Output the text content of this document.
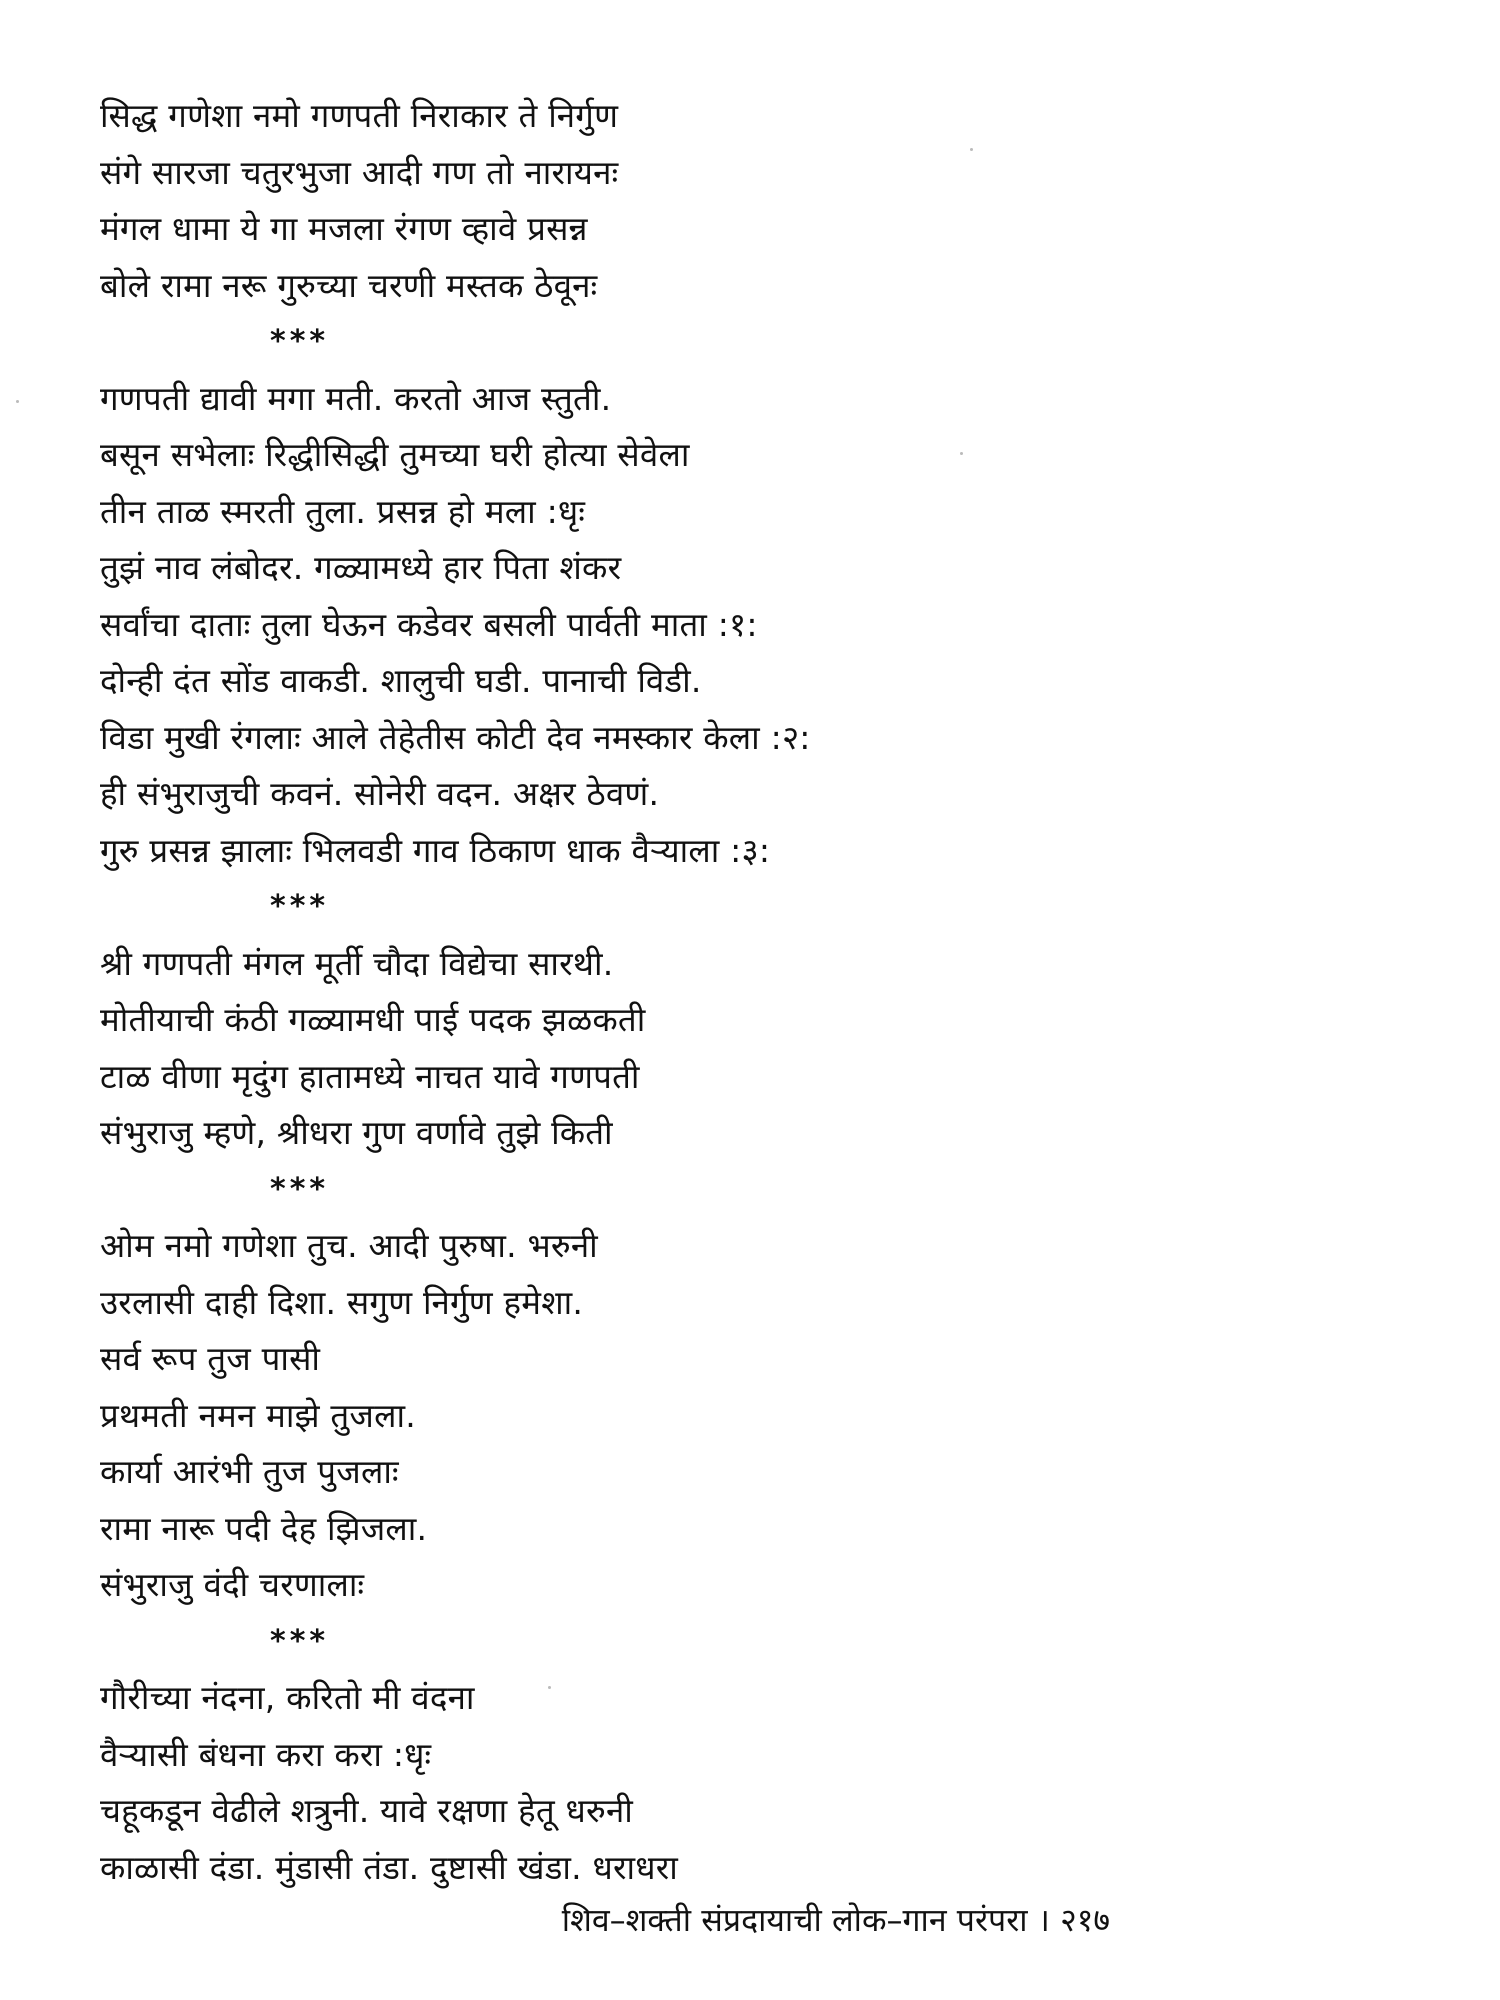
सिद्ध गणेशा नमो गणपती निराकार ते निर्गुण
संगे सारजा चतुरभुजा आदी गण तो नारायनः
मंगल धामा ये गा मजला रंगण व्हावे प्रसन्न
बोले रामा नरू गुरुच्या चरणी मस्तक ठेवूनः
***
गणपती द्यावी मगा मती. करतो आज स्तुती.
बसून सभेलाः रिद्धीसिद्धी तुमच्या घरी होत्या सेवेला
तीन ताळ स्मरती तुला. प्रसन्न हो मला :धृः
तुझं नाव लंबोदर. गळ्यामध्ये हार पिता शंकर
सर्वांचा दाताः तुला घेऊन कडेवर बसली पार्वती माता :१:
दोन्ही दंत सोंड वाकडी. शालुची घडी. पानाची विडी.
विडा मुखी रंगलाः आले तेहेतीस कोटी देव नमस्कार केला :२:
ही संभुराजुची कवनं. सोनेरी वदन. अक्षर ठेवणं.
गुरु प्रसन्न झालाः भिलवडी गाव ठिकाण धाक वैऱ्याला :३:
***
श्री गणपती मंगल मूर्ती चौदा विद्येचा सारथी.
मोतीयाची कंठी गळ्यामधी पाई पदक झळकती
टाळ वीणा मृदुंग हातामध्ये नाचत यावे गणपती
संभुराजु म्हणे, श्रीधरा गुण वर्णावे तुझे किती
***
ओम नमो गणेशा तुच. आदी पुरुषा. भरुनी
उरलासी दाही दिशा. सगुण निर्गुण हमेशा.
सर्व रूप तुज पासी
प्रथमती नमन माझे तुजला.
कार्या आरंभी तुज पुजलाः
रामा नारू पदी देह झिजला.
संभुराजु वंदी चरणालाः
***
गौरीच्या नंदना, करितो मी वंदना
वैऱ्यासी बंधना करा करा :धृः
चहूकडून वेढीले शत्रुनी. यावे रक्षणा हेतू धरुनी
काळासी दंडा. मुंडासी तंडा. दुष्टासी खंडा. धराधरा
शिव–शक्ती संप्रदायाची लोक–गान परंपरा । २१७
